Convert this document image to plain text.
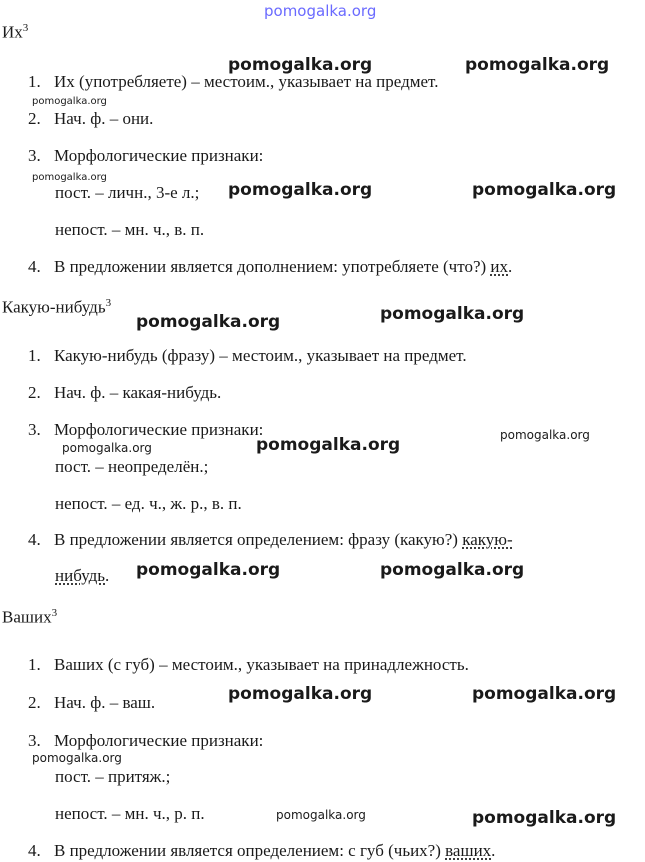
pomogalka.org
$Их^3$
1. Их (употребляете) – местоим., указывает на предмет.
2. Нач. ф. – они.
3. Морфологические признаки:
пост. – личн., 3-е л.;
непост. – мн. ч., в. п.
4. В предложении является дополнением: употребляете (что?) их.
Какую-нибудь$^3$
1. Какую-нибудь (фразу) – местоим., указывает на предмет.
2. Нач. ф. – какая-нибудь.
3. Морфологические признаки:
пост. – неопределён.;
непост. – ед. ч., ж. р., в. п.
4. В предложении является определением: фразу (какую?) какую-
нибудь.
Ваших$^3$
1. Ваших (с губ) – местоим., указывает на принадлежность.
2. Нач. ф. – ваш.
3. Морфологические признаки:
пост. – притяж.;
непост. – мн. ч., р. п.
4. В предложении является определением: с губ (чьих?) ваших.
pomogalka.org	pomogalka.org
pomogalka.org
pomogalka.org
pomogalka.org	pomogalka.org
pomogalka.org
pomogalka.org
pomogalka.org
pomogalka.org
pomogalka.org
pomogalka.org	pomogalka.org
pomogalka.org	pomogalka.org
pomogalka.org
pomogalka.org	pomogalka.org
